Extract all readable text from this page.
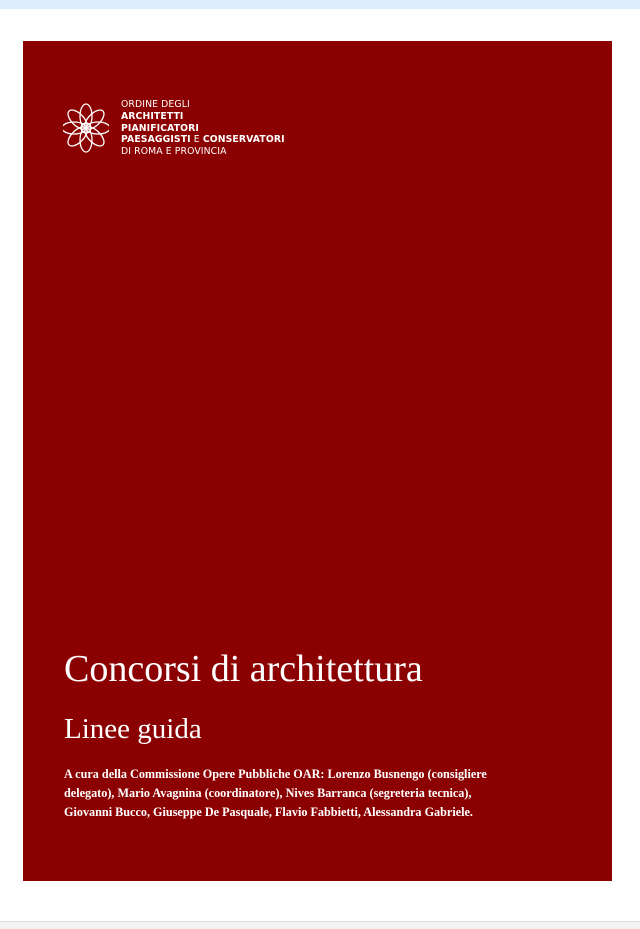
ORDINE DEGLI
ARCHITETTI
PIANIFICATORI
PAESAGGISTI E CONSERVATORI
DI ROMA E PROVINCIA
Concorsi di architettura
Linee guida
A cura della Commissione Opere Pubbliche OAR: Lorenzo Busnengo (consigliere
delegato), Mario Avagnina (coordinatore), Nives Barranca (segreteria tecnica),
Giovanni Bucco, Giuseppe De Pasquale, Flavio Fabbietti, Alessandra Gabriele.
